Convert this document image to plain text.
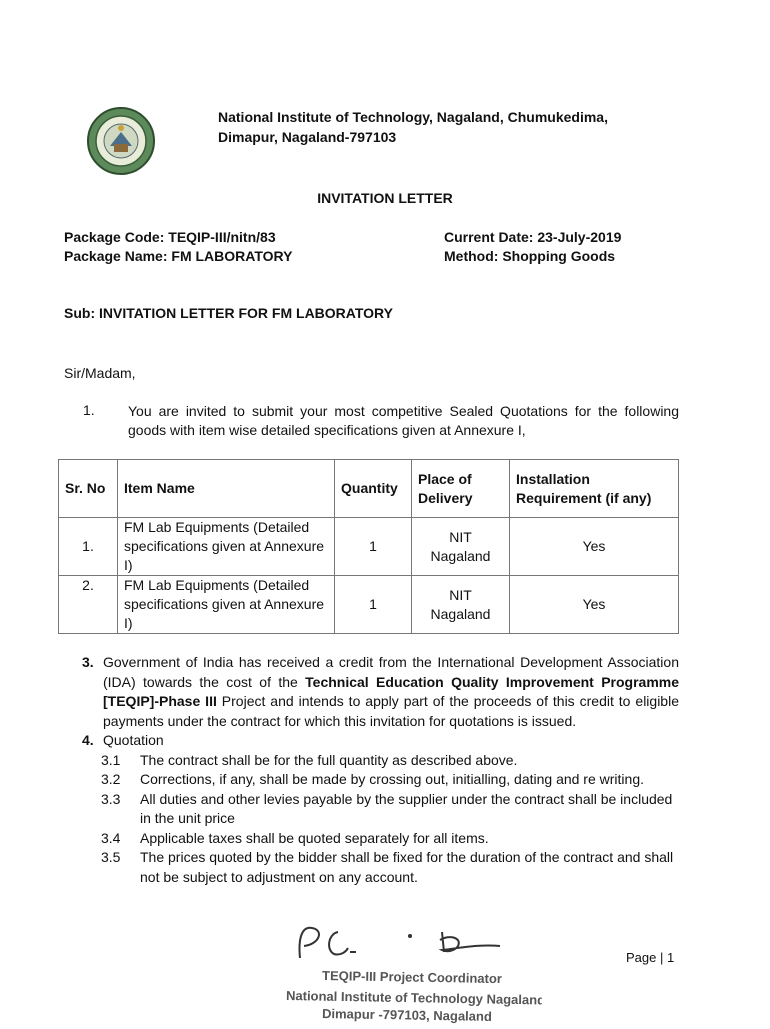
National Institute of Technology, Nagaland, Chumukedima,
Dimapur, Nagaland-797103
INVITATION LETTER
Package Code: TEQIP-III/nitn/83
Package Name: FM LABORATORY
Current Date: 23-July-2019
Method: Shopping Goods
Sub: INVITATION LETTER FOR FM LABORATORY
Sir/Madam,
1. You are invited to submit your most competitive Sealed Quotations for the following goods with item wise detailed specifications given at Annexure I,
Sr. No	Item Name	Quantity	Place of Delivery	Installation Requirement (if any)
1.	FM Lab Equipments (Detailed specifications given at Annexure I)	1	NIT Nagaland	Yes
2.	FM Lab Equipments (Detailed specifications given at Annexure I)	1	NIT Nagaland	Yes
3. Government of India has received a credit from the International Development Association (IDA) towards the cost of the Technical Education Quality Improvement Programme [TEQIP]-Phase III Project and intends to apply part of the proceeds of this credit to eligible payments under the contract for which this invitation for quotations is issued.
4. Quotation
3.1	The contract shall be for the full quantity as described above.
3.2	Corrections, if any, shall be made by crossing out, initialling, dating and re writing.
3.3	All duties and other levies payable by the supplier under the contract shall be included in the unit price
3.4	Applicable taxes shall be quoted separately for all items.
3.5	The prices quoted by the bidder shall be fixed for the duration of the contract and shall not be subject to adjustment on any account.
TEQIP-III Project Coordinator
National Institute of Technology Nagaland
Dimapur -797103, Nagaland
Page | 1
